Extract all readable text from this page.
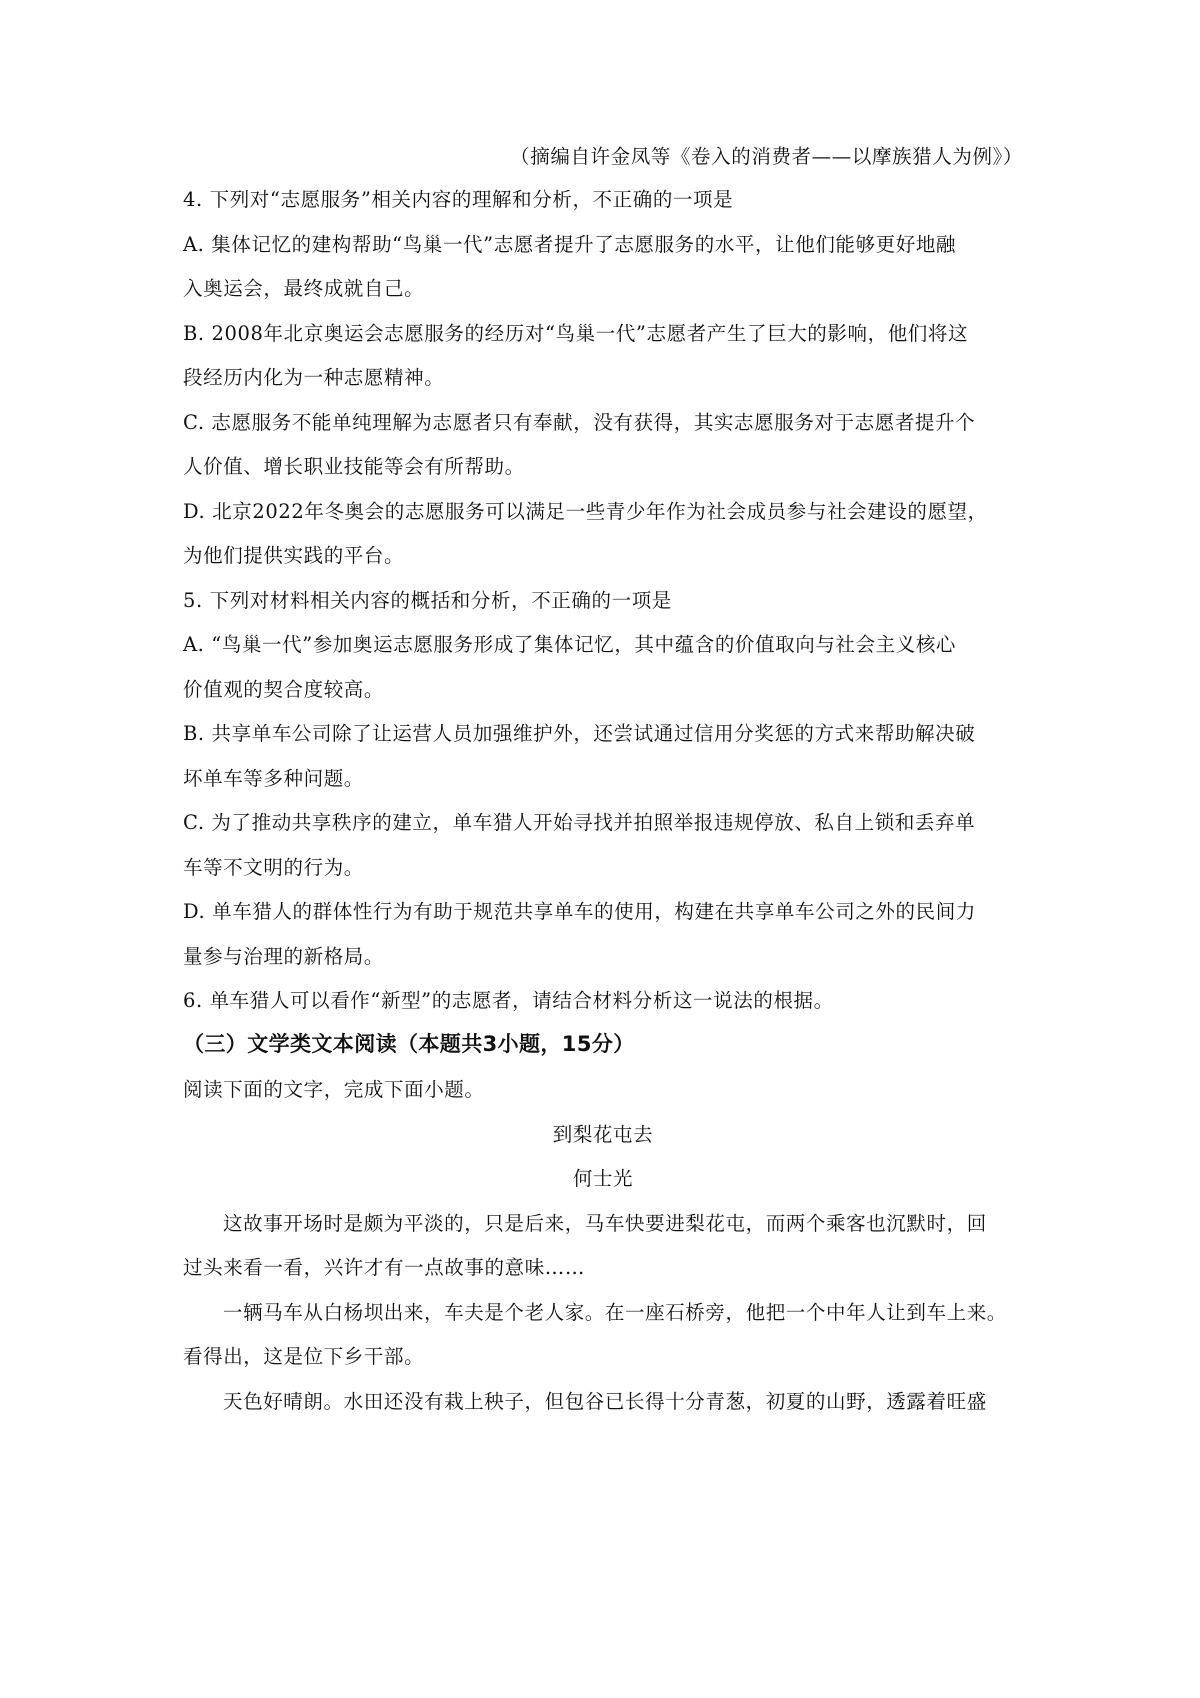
（摘编自许金凤等《卷入的消费者——以摩族猎人为例》）
4. 下列对“志愿服务”相关内容的理解和分析，不正确的一项是
A. 集体记忆的建构帮助“鸟巢一代”志愿者提升了志愿服务的水平，让他们能够更好地融
入奥运会，最终成就自己。
B. 2008年北京奥运会志愿服务的经历对“鸟巢一代”志愿者产生了巨大的影响，他们将这
段经历内化为一种志愿精神。
C. 志愿服务不能单纯理解为志愿者只有奉献，没有获得，其实志愿服务对于志愿者提升个
人价值、增长职业技能等会有所帮助。
D. 北京2022年冬奥会的志愿服务可以满足一些青少年作为社会成员参与社会建设的愿望，
为他们提供实践的平台。
5. 下列对材料相关内容的概括和分析，不正确的一项是
A. “鸟巢一代”参加奥运志愿服务形成了集体记忆，其中蕴含的价值取向与社会主义核心
价值观的契合度较高。
B. 共享单车公司除了让运营人员加强维护外，还尝试通过信用分奖惩的方式来帮助解决破
坏单车等多种问题。
C. 为了推动共享秩序的建立，单车猎人开始寻找并拍照举报违规停放、私自上锁和丢弃单
车等不文明的行为。
D. 单车猎人的群体性行为有助于规范共享单车的使用，构建在共享单车公司之外的民间力
量参与治理的新格局。
6. 单车猎人可以看作“新型”的志愿者，请结合材料分析这一说法的根据。
（三）文学类文本阅读（本题共3小题，15分）
阅读下面的文字，完成下面小题。
到梨花屯去
何士光
这故事开场时是颇为平淡的，只是后来，马车快要进梨花屯，而两个乘客也沉默时，回
过头来看一看，兴许才有一点故事的意味……
一辆马车从白杨坝出来，车夫是个老人家。在一座石桥旁，他把一个中年人让到车上来。
看得出，这是位下乡干部。
天色好晴朗。水田还没有栽上秧子，但包谷已长得十分青葱，初夏的山野，透露着旺盛
